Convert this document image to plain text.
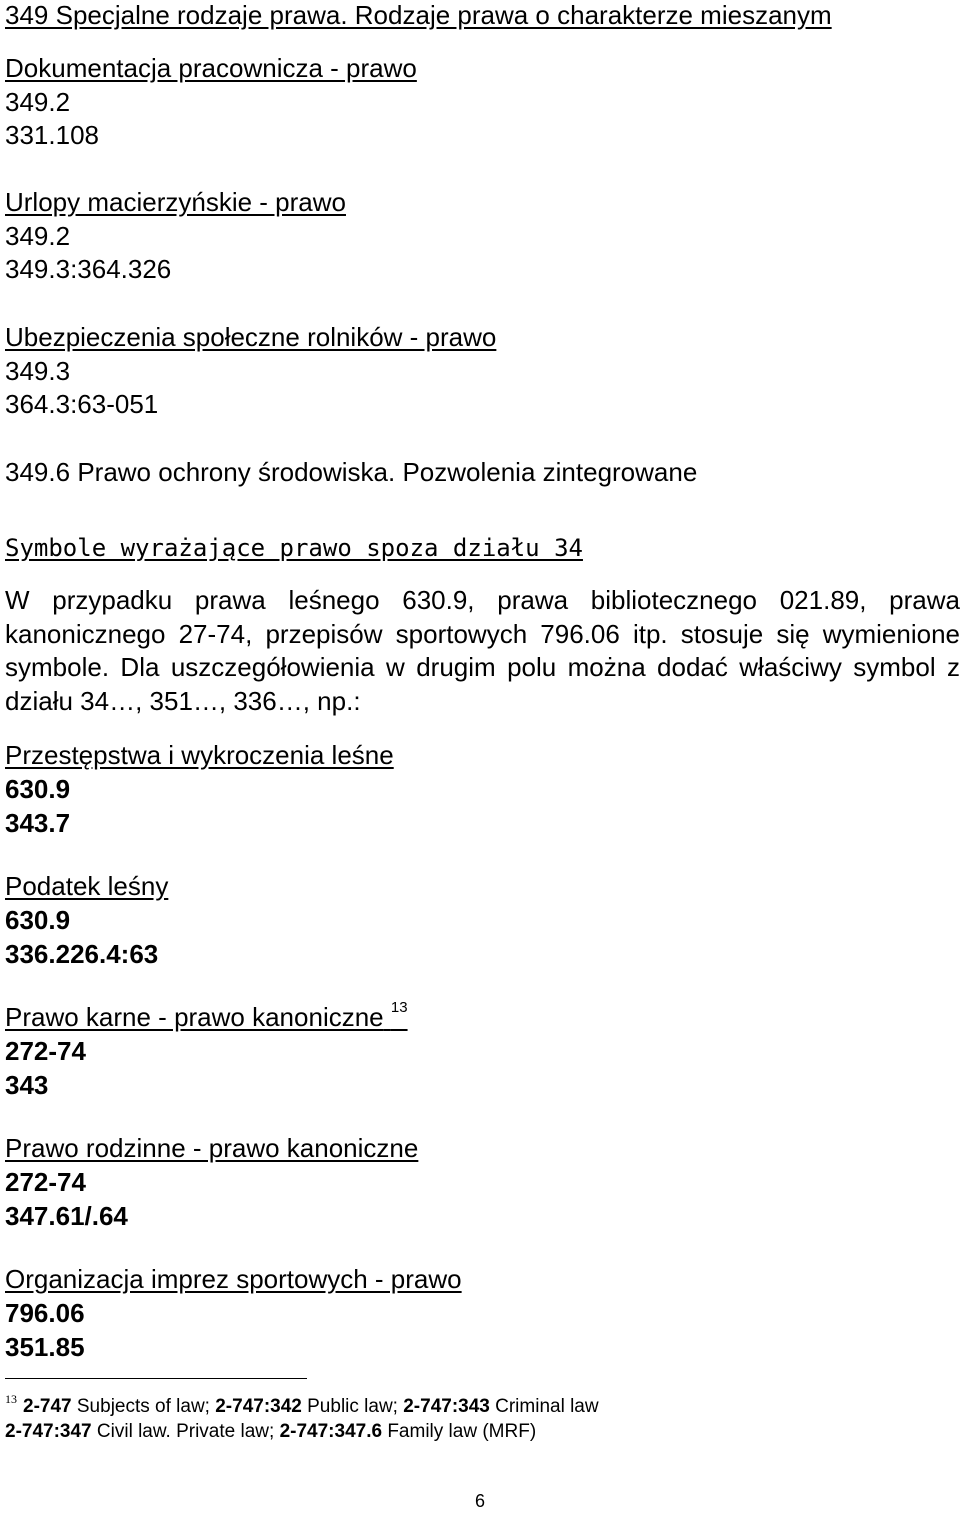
349 Specjalne rodzaje prawa. Rodzaje prawa o charakterze mieszanym
Dokumentacja pracownicza - prawo
349.2
331.108
Urlopy macierzyńskie - prawo
349.2
349.3:364.326
Ubezpieczenia społeczne rolników - prawo
349.3
364.3:63-051
349.6 Prawo ochrony środowiska. Pozwolenia zintegrowane
Symbole wyrażające prawo spoza działu 34
W przypadku prawa leśnego 630.9, prawa bibliotecznego 021.89, prawa kanonicznego 27-74, przepisów sportowych 796.06 itp. stosuje się wymienione symbole. Dla uszczegółowienia w drugim polu można dodać właściwy symbol z działu 34…, 351…, 336…, np.:
Przestępstwa i wykroczenia leśne
630.9
343.7
Podatek leśny
630.9
336.226.4:63
Prawo karne - prawo kanoniczne $^{13}$
272-74
343
Prawo rodzinne - prawo kanoniczne
272-74
347.61/.64
Organizacja imprez sportowych - prawo
796.06
351.85
$^{13}$ 2-747 Subjects of law; 2-747:342 Public law; 2-747:343 Criminal law
2-747:347 Civil law. Private law; 2-747:347.6 Family law (MRF)
6
